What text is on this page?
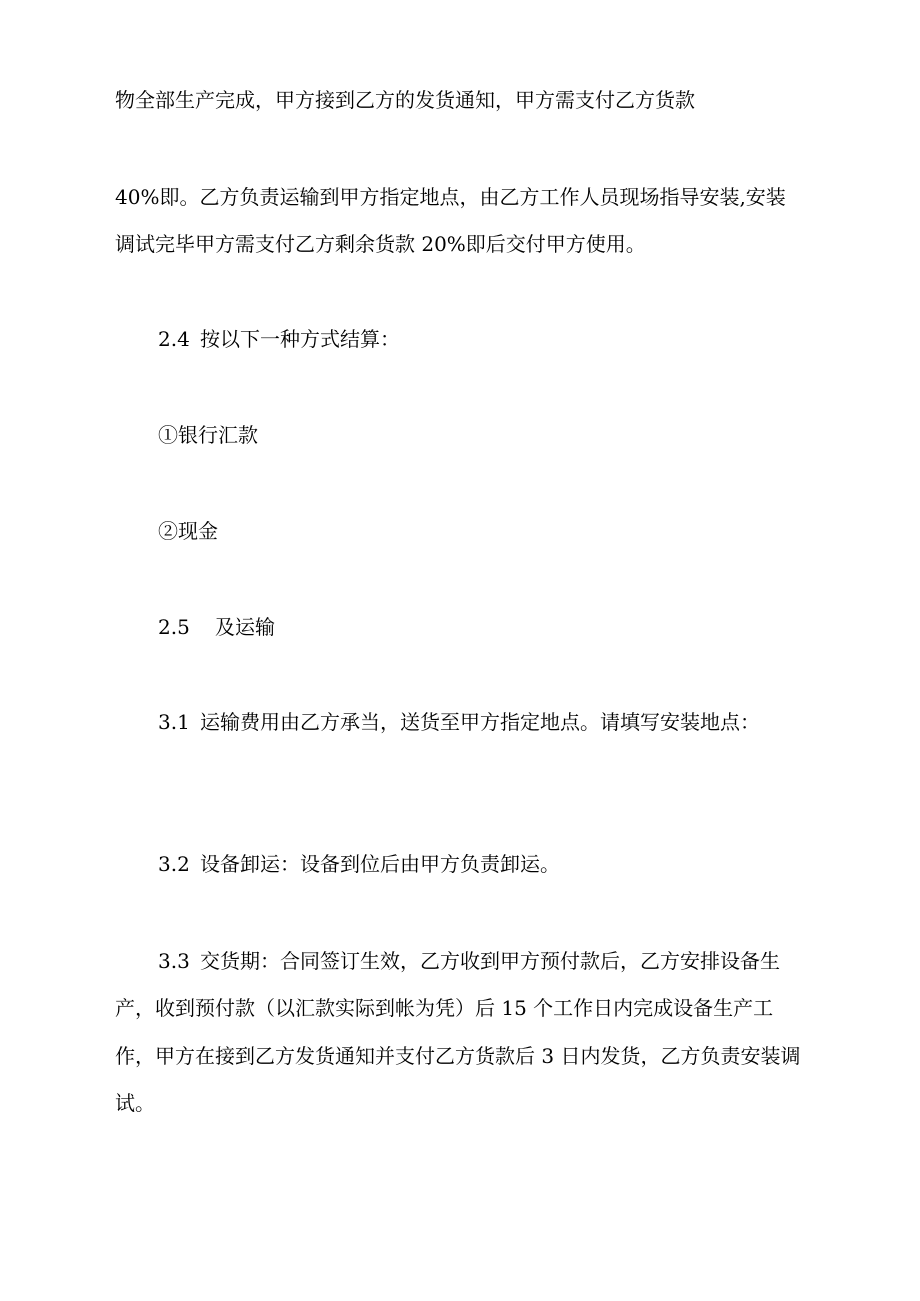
物全部生产完成，甲方接到乙方的发货通知，甲方需支付乙方货款
40%即。乙方负责运输到甲方指定地点，由乙方工作人员现场指导安装,安装
调试完毕甲方需支付乙方剩余货款 20%即后交付甲方使用。
2.4 按以下一种方式结算：
①银行汇款
②现金
2.5 及运输
3.1 运输费用由乙方承当，送货至甲方指定地点。请填写安装地点：
3.2 设备卸运：设备到位后由甲方负责卸运。
3.3 交货期：合同签订生效，乙方收到甲方预付款后，乙方安排设备生
产，收到预付款（以汇款实际到帐为凭）后 15 个工作日内完成设备生产工
作，甲方在接到乙方发货通知并支付乙方货款后 3 日内发货，乙方负责安装调
试。
